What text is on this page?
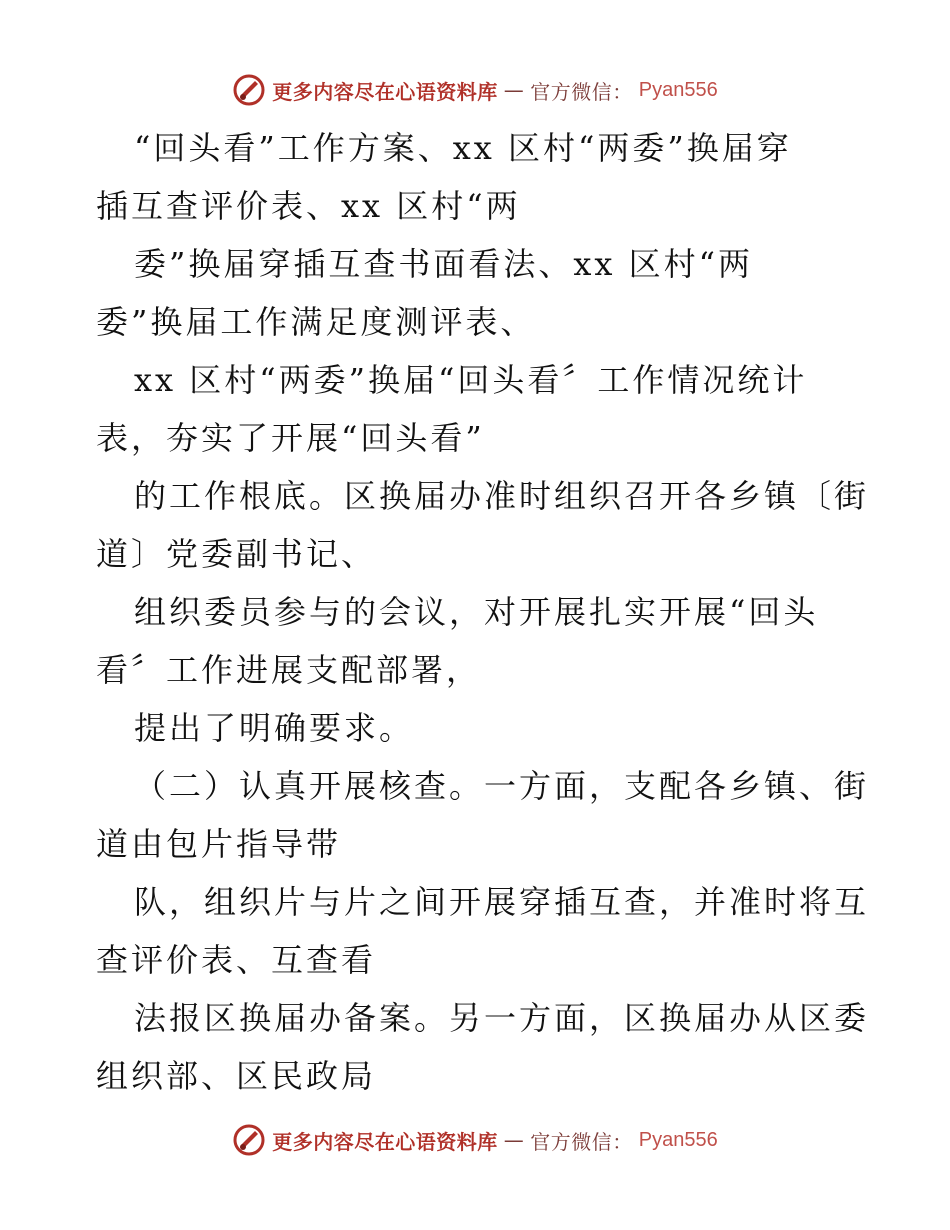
更多内容尽在心语资料库 — 官方微信： Pyan556
“回头看”工作方案、xx 区村“两委”换届穿
插互查评价表、xx 区村“两
委”换届穿插互查书面看法、xx 区村“两
委”换届工作满足度测评表、
xx 区村“两委”换届“回头看〞工作情况统计
表，夯实了开展“回头看”
的工作根底。区换届办准时组织召开各乡镇〔街
道〕党委副书记、
组织委员参与的会议，对开展扎实开展“回头
看〞工作进展支配部署，
提出了明确要求。
（二）认真开展核查。一方面，支配各乡镇、街
道由包片指导带
队，组织片与片之间开展穿插互查，并准时将互
查评价表、互查看
法报区换届办备案。另一方面，区换届办从区委
组织部、区民政局
更多内容尽在心语资料库 — 官方微信： Pyan556
